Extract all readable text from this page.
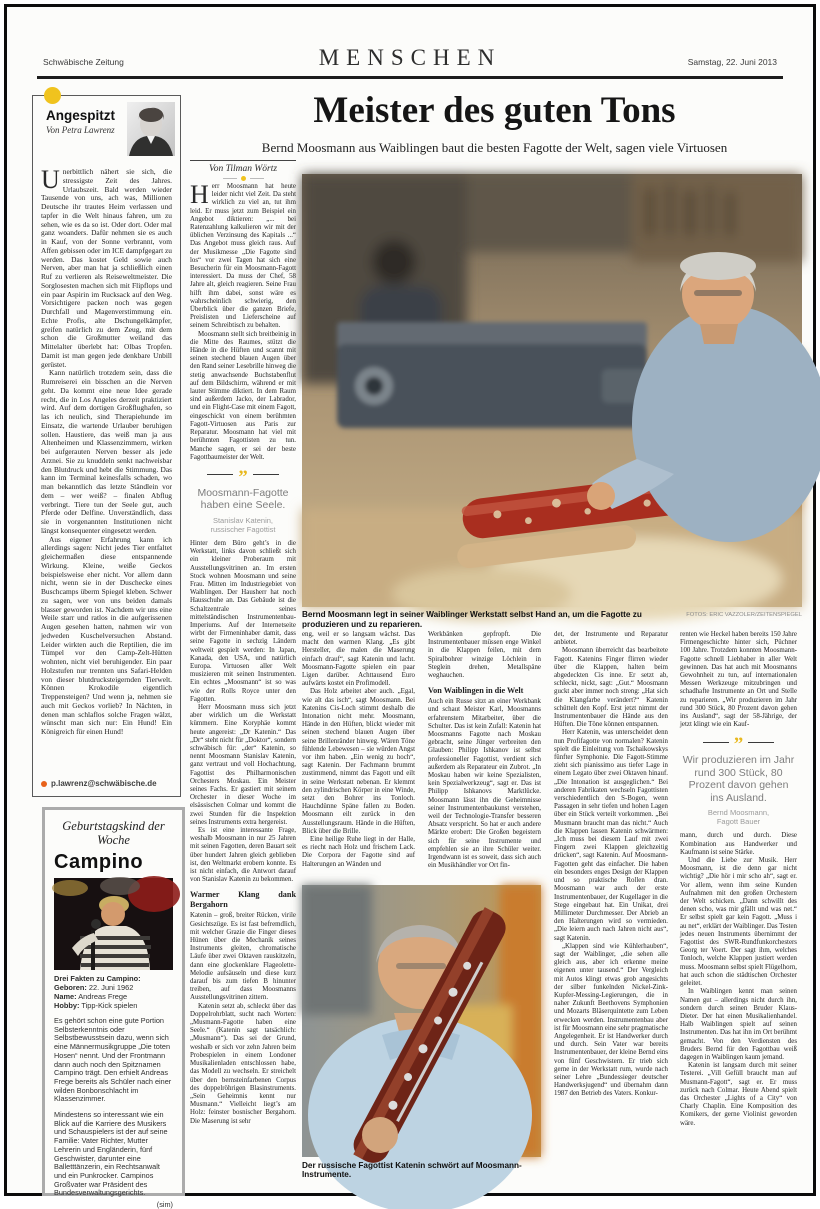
Schwäbische Zeitung	MENSCHEN	Samstag, 22. Juni 2013
Angespitzt
Von Petra Lawrenz

Unerbittlich nähert sie sich, die stressigste Zeit des Jahres. Urlaubszeit. Bald werden wieder Tausende von uns, ach was, Millionen Deutsche ihr trautes Heim verlassen und tapfer in die Welt hinaus fahren, um zu sehen, wie es da so ist. Oder dort. Oder mal ganz woanders. Dafür nehmen sie es auch in Kauf, von der Sonne verbrannt, vom Affen gebissen oder im ICE dampfgegart zu werden. Das kostet Geld sowie auch Nerven, aber man hat ja schließlich einen Ruf zu verlieren als Reiseweltmeister. Die Sorglosesten machen sich mit Flipflops und ein paar Aspirin im Rucksack auf den Weg. Vorsichtigere packen noch was gegen Durchfall und Magenverstimmung ein. Echte Profis, alte Dschungelkämpfer, greifen natürlich zu dem Zeug, mit dem schon die Großmutter weiland das Mittelalter überlebt hat: Olbas Tropfen. Damit ist man gegen jede denkbare Unbill gerüstet.

Kann natürlich trotzdem sein, dass die Rumreiserei ein bisschen an die Nerven geht. Da kommt eine neue Idee gerade recht, die in Los Angeles derzeit praktiziert wird. Auf dem dortigen Großflughafen, so las ich neulich, sind Therapiehunde im Einsatz, die wartende Urlauber beruhigen sollen. Haustiere, das weiß man ja aus Altenheimen und Klassenzimmern, wirken bei aufgerauten Nerven besser als jede Arznei. Sie zu knuddeln senkt nachweisbar den Blutdruck und hebt die Stimmung. Das kann im Terminal keinesfalls schaden, wo man bekanntlich das letzte Ständlein vor dem – wer weiß? – finalen Abflug verbringt. Tiere tun der Seele gut, auch Pferde oder Delfine. Unverständlich, dass sie in vorgenannten Institutionen nicht längst konsequenter eingesetzt werden.

Aus eigener Erfahrung kann ich allerdings sagen: Nicht jedes Tier entfaltet gleichermaßen diese entspannende Wirkung. Kleine, weiße Geckos beispielsweise eher nicht. Vor allem dann nicht, wenn sie in der Duschecke eines Buschcamps überm Spiegel kleben. Schwer zu sagen, wer von uns beiden damals blasser geworden ist. Nachdem wir uns eine Weile starr und ratlos in die aufgerissenen Augen gesehen hatten, nahmen wir von jedweden Kuschelversuchen Abstand. Leider wirkten auch die Reptilien, die im Tümpel vor den Camp-Zelt-Hütten wohnten, nicht viel beruhigender. Ein paar Holzstufen nur trennten uns Safari-Helden von dieser blutdrucksteigernden Tierwelt. Können Krokodile eigentlich Treppensteigen? Und wenn ja, nehmen sie auch mit Geckos vorlieb? In Nächten, in denen man schlaflos solche Fragen wälzt, wünscht man sich nur: Ein Hund! Ein Königreich für einen Hund!

p.lawrenz@schwäbische.de
Geburtstagskind der Woche
Campino
Drei Fakten zu Campino:
Geboren: 22. Juni 1962
Name: Andreas Frege
Hobby: Tipp-Kick spielen

Es gehört schon eine gute Portion Selbsterkenntnis oder Selbstbewusstsein dazu, wenn sich eine Männermusikgruppe „Die toten Hosen“ nennt. Und der Frontmann dann auch noch den Spitznamen Campino trägt. Den erhielt Andreas Frege bereits als Schüler nach einer wilden Bonbonschlacht im Klassenzimmer.

Mindestens so interessant wie ein Blick auf die Karriere des Musikers und Schauspielers ist der auf seine Familie: Vater Richter, Mutter Lehrerin und Engländerin, fünf Geschwister, darunter eine Balletttänzerin, ein Rechtsanwalt und ein Punkrocker. Campinos Großvater war Präsident des Bundesverwaltungsgerichts.

(sim)
Meister des guten Tons
Bernd Moosmann aus Waiblingen baut die besten Fagotte der Welt, sagen viele Virtuosen
Von Tilman Wörtz
FOTOS: ERIC VAZZOLER/ZEITENSPIEGEL
Bernd Moosmann legt in seiner Waiblinger Werkstatt selbst Hand an, um die Fagotte zu produzieren und zu reparieren.
Der russische Fagottist Katenin schwört auf Moosmann-Instrumente.

Herr Moosmann hat heute leider nicht viel Zeit. Da steht wirklich zu viel an, tut ihm leid. Er muss jetzt zum Beispiel ein Angebot diktieren: „... bei Ratenzahlung kalkulieren wir mit der üblichen Verzinsung des Kapitals ...“ Das Angebot muss gleich raus. Auf der Musikmesse „Die Fagotte sind los“ vor zwei Tagen hat sich eine Besucherin für ein Moosmann-Fagott interessiert. Da muss der Chef, 58 Jahre alt, gleich reagieren. Seine Frau hilft ihm dabei, sonst wäre es wahrscheinlich schwierig, den Überblick über die ganzen Briefe, Preislisten und Lieferscheine auf seinem Schreibtisch zu behalten.

Moosmann stellt sich breitbeinig in die Mitte des Raumes, stützt die Hände in die Hüften und scannt mit seinen stechend blauen Augen über den Rand seiner Lesebrille hinweg die stetig anwachsende Buchstabenflut auf dem Bildschirm, während er mit lauter Stimme diktiert. In dem Raum sind außerdem Jacko, der Labrador, und ein Flight-Case mit einem Fagott, eingeschickt von einem berühmten Fagott-Virtuosen aus Paris zur Reparatur. Moosmann hat viel mit berühmten Fagottisten zu tun. Manche sagen, er sei der beste Fagottbaumeister der Welt.

”
Moosmann-Fagotte haben eine Seele.
Stanislav Katenin,
russischer Fagottist

Hinter dem Büro geht’s in die Werkstatt, links davon schließt sich ein kleiner Proberaum mit Ausstellungsvitrinen an. Im ersten Stock wohnen Moosmann und seine Frau. Mitten im Industriegebiet von Waiblingen. Der Hausherr hat noch Hausschuhe an. Das Gebäude ist die Schaltzentrale seines mittelständischen Instrumentenbau-Imperiums. Auf der Internetseite wirbt der Firmeninhaber damit, dass seine Fagotte in sechzig Ländern weltweit gespielt werden: In Japan, Kanada, den USA, und natürlich Europa. Virtuosen aller Welt musizieren mit seinen Instrumenten. Ein echtes „Moosmann“ ist so was wie der Rolls Royce unter den Fagotten.

Herr Moosmann muss sich jetzt aber wirklich um die Werkstatt kümmern. Eine Koryphäe kommt heute angereist: „Dr Katenin.“ Das „Dr“ steht nicht für „Doktor“, sondern schwäbisch für: „der“ Katenin, so nennt Moosmann Stanislav Katenin, ganz vertraut und voll Hochachtung, Fagottist des Philharmonischen Orchesters Moskau. Ein Meister seines Fachs. Er gastiert mit seinem Orchester in dieser Woche im elsässischen Colmar und kommt die zwei Stunden für die Inspektion seines Instruments extra hergereist.

Es ist eine interessante Frage, weshalb Moosmann in nur 25 Jahren mit seinen Fagotten, deren Bauart seit über hundert Jahren gleich geblieben ist, den Weltmarkt erobern konnte. Es ist nicht einfach, die Antwort darauf von Stanislav Katenin zu bekommen.

Warmer Klang dank Bergahorn

Katenin – groß, breiter Rücken, virile Gesichtszüge. Es ist fast befremdlich, mit welcher Grazie die Finger dieses Hünen über die Mechanik seines Instruments gleiten, chromatische Läufe über zwei Oktaven rauskitzeln, dann eine glockenklare Flageolette-Melodie aufsäuseln und diese kurz darauf bis zum tiefen B hinunter treiben, auf dass Moosmanns Ausstellungsvitrinen zittern.

Katenin setzt ab, schleckt über das Doppelrohrblatt, sucht nach Worten: „Musmann-Fagotte haben eine Seele.“ (Katenin sagt tatsächlich: „Musmann“). Das sei der Grund, weshalb er sich vor zehn Jahren beim Probespielen in einem Londoner Musikalienladen entschlossen habe, das Modell zu wechseln. Er streichelt über den bernsteinfarbenen Corpus des doppelröhrigen Blasinstruments. „Sein Geheimnis kennt nur Musmann.“ Vielleicht liegt’s am Holz: feinster bosnischer Bergahorn. Die Maserung ist sehr

eng, weil er so langsam wächst. Das macht den warmen Klang. „Es gibt Hersteller, die malen die Maserung einfach drauf“, sagt Katenin und lacht. Moosmann-Fagotte spielen ein paar Ligen darüber. Achttausend Euro aufwärts kostet ein Profimodell.

Das Holz arbeitet aber auch. „Egal, wie alt das isch“, sagt Moosmann. Bei Katenins Cis-Loch stimmt deshalb die Intonation nicht mehr. Moosmann, Hände in den Hüften, blickt wieder mit seinen stechend blauen Augen über seine Brillenränder hinweg. Wären Töne fühlende Lebewesen – sie würden Angst vor ihm haben. „Ein wenig zu hoch“, sagt Katenin. Der Fachmann brummt zustimmend, nimmt das Fagott und eilt in seine Werkstatt nebenan. Er klemmt den zylindrischen Körper in eine Winde, setzt den Bohrer ins Tonloch. Hauchdünne Späne fallen zu Boden. Moosmann eilt zurück in den Ausstellungsraum. Hände in die Hüften, Blick über die Brille.

Eine heilige Ruhe liegt in der Halle, es riecht nach Holz und frischem Lack. Die Corpora der Fagotte sind auf Halterungen an Wänden und

Werkbänken gepfropft. Die Instrumentenbauer müssen enge Winkel in die Klappen feilen, mit dem Spiralbohrer winzige Löchlein in Steglein drehen, Metallspäne weghauchen.

Von Waiblingen in die Welt

Auch ein Russe sitzt an einer Werkbank und schaut Meister Karl, Moosmanns erfahrenstem Mitarbeiter, über die Schulter. Das ist kein Zufall: Katenin hat Moosmanns Fagotte nach Moskau gebracht, seine Jünger verbreiten den Glauben: Philipp Ishkanov ist selbst professioneller Fagottist, verdient sich außerdem als Reparateur ein Zubrot. „In Moskau haben wir keine Spezialisten, kein Spezialwerkzeug“, sagt er. Das ist Philipp Ishkanovs Marktlücke. Moosmann lässt ihn die Geheimnisse seiner Instrumentenbaukunst verstehen, weil der Technologie-Transfer besseren Absatz verspricht. So hat er auch andere Märkte erobert: Die Großen begeistern sich für seine Instrumente und empfehlen sie an ihre Schüler weiter. Irgendwann ist es soweit, dass sich auch ein Musikhändler vor Ort fin-

det, der Instrumente und Reparatur anbietet.

Moosmann überreicht das bearbeitete Fagott. Katenins Finger flirren wieder über die Klappen, halten beim abgedeckten Cis inne. Er setzt ab, schleckt, nickt, sagt: „Gut.“ Moosmann guckt aber immer noch streng: „Hat sich die Klangfarbe verändert?“ Katenin schüttelt den Kopf. Erst jetzt nimmt der Instrumentenbauer die Hände aus den Hüften. Die Töne können entspannen.

Herr Katenin, was unterscheidet denn nun Profifagotte von normalen? Katenin spielt die Einleitung von Tschaikowskys fünfter Symphonie. Die Fagott-Stimme zieht sich pianissimo aus tiefer Lage in einem Legato über zwei Oktaven hinauf. „Die Intonation ist ausgeglichen.“ Bei anderen Fabrikaten wechseln Fagottisten verschiedentlich den S-Bogen, wenn Passagen in sehr tiefen und hohen Lagen über ein Stück verteilt vorkommen. „Bei Musmann braucht man das nicht.“ Auch die Klappen lassen Katenin schwärmen: „Ich muss bei diesem Lauf mit zwei Fingern zwei Klappen gleichzeitig drücken“, sagt Katenin. Auf Moosmann-Fagotten geht das einfacher. Die haben ein besonders enges Design der Klappen und so praktische Rollen dran. Moosmann war auch der erste Instrumentenbauer, der Kugellager in die Stege eingebaut hat. Ein Unikat, drei Millimeter Durchmesser. Der Abrieb an den Halterungen wird so vermieden. „Die leiern auch nach Jahren nicht aus“, sagt Katenin.

„Klappen sind wie Kühlerhauben“, sagt der Waiblinger, „die sehen alle gleich aus, aber ich erkenne meine eigenen unter tausend.“ Der Vergleich mit Autos klingt etwas grob angesichts der silber funkelnden Nickel-Zink-Kupfer-Messing-Legierungen, die in naher Zukunft Beethovens Symphonien und Mozarts Bläserquintette zum Leben erwecken werden. Instrumentenbau aber ist für Moosmann eine sehr pragmatische Angelegenheit. Er ist Handwerker durch und durch. Sein Vater war bereits Instrumentenbauer, der kleine Bernd eins von fünf Geschwistern. Er trieb sich gerne in der Werkstatt rum, wurde nach seiner Lehre „Bundessieger deutscher Handwerksjugend“ und übernahm dann 1987 den Betrieb des Vaters. Konkur-

renten wie Heckel haben bereits 150 Jahre Firmengeschichte hinter sich, Püchner 100 Jahre. Trotzdem konnten Moosmann-Fagotte schnell Liebhaber in aller Welt gewinnen. Das hat auch mit Moosmanns Gewohnheit zu tun, auf internationalen Messen Werkzeuge mitzubringen und schadhafte Instrumente an Ort und Stelle zu reparieren. „Wir produzieren im Jahr rund 300 Stück, 80 Prozent davon gehen ins Ausland“, sagt der 58-Jährige, der jetzt klingt wie ein Kauf-

”
Wir produzieren im Jahr rund 300 Stück, 80 Prozent davon gehen ins Ausland.
Bernd Moosmann,
Fagott Bauer

mann, durch und durch. Diese Kombination aus Handwerker und Kaufmann ist seine Stärke.

Und die Liebe zur Musik. Herr Moosmann, ist die denn gar nicht wichtig? „Die hör i mir scho ah“, sagt er. Vor allem, wenn ihm seine Kunden Aufnahmen mit den großen Orchestern der Welt schicken. „Dann schwillt des denen scho, was mir gfällt und was net.“ Er selbst spielt gar kein Fagott. „Muss i au net“, erklärt der Waiblinger. Das Testen jedes neuen Instruments übernimmt der Fagottist des SWR-Rundfunkorchesters Georg ter Voert. Der sagt ihm, welches Tonloch, welche Klappen justiert werden muss. Moosmann selbst spielt Flügelhorn, hat auch schon die städtischen Orchester geleitet.

In Waiblingen kennt man seinen Namen gut – allerdings nicht durch ihn, sondern durch seinen Bruder Klaus-Dieter. Der hat einen Musikalienhandel. Halb Waiblingen spielt auf seinen Instrumenten. Das hat ihn im Ort berühmt gemacht. Von den Verdiensten des Bruders Bernd für den Fagottbau weiß dagegen in Waiblingen kaum jemand.

Katenin ist langsam durch mit seiner Testerei. „Vill Gefüll braucht man auf Musmann-Fagott“, sagt er. Er muss zurück nach Colmar. Heute Abend spielt das Orchester „Lights of a City“ von Charly Chaplin. Eine Komposition des Komikers, der gerne Violinist geworden wäre.
